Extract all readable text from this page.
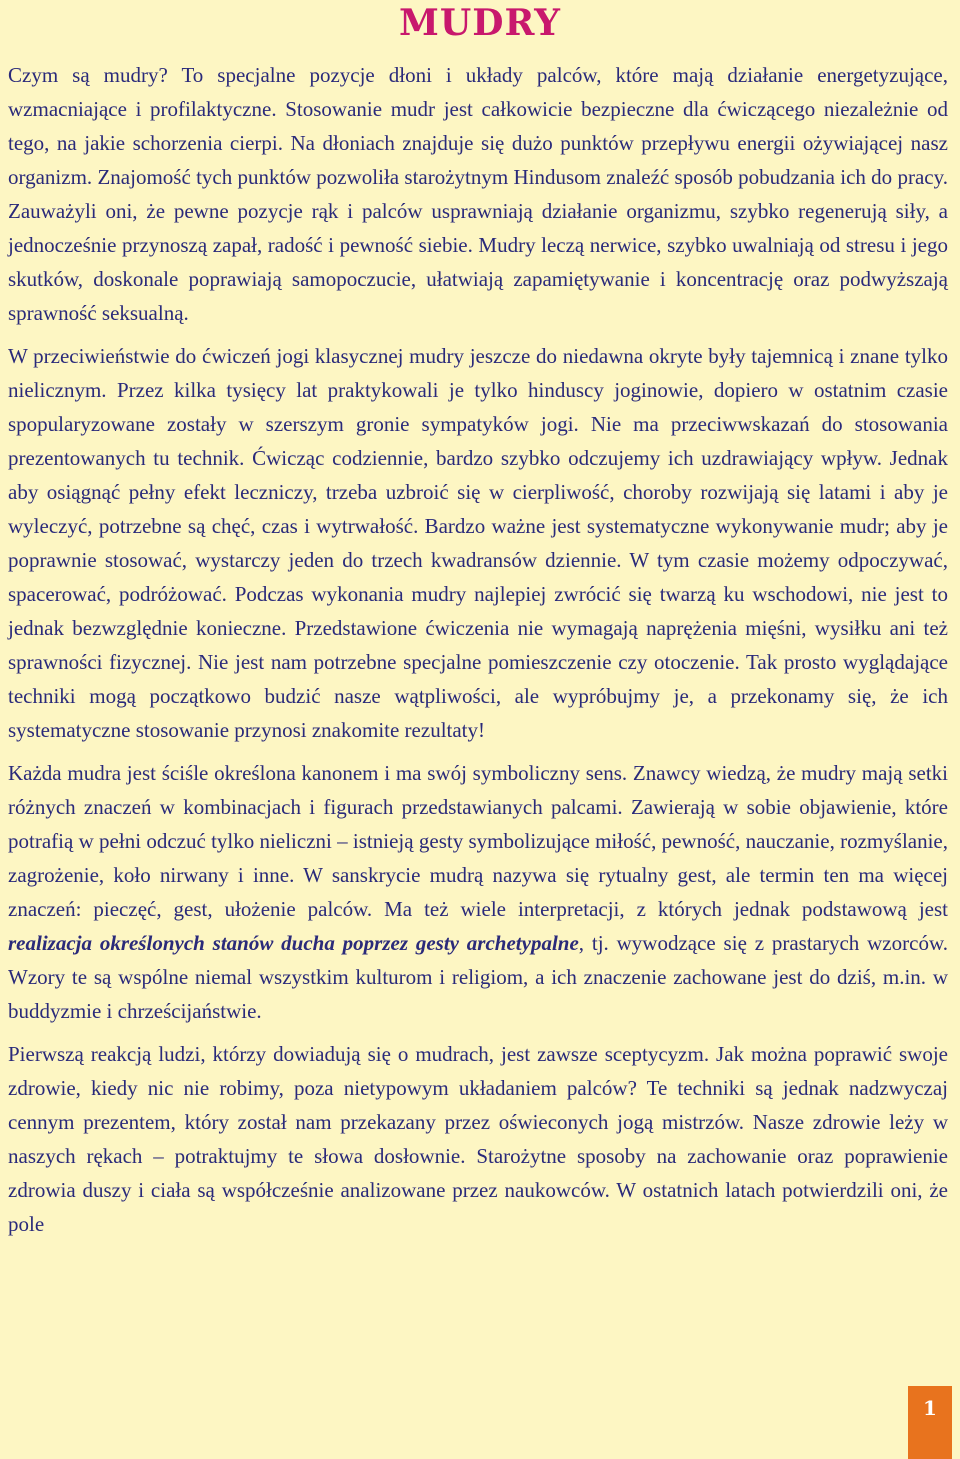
MUDRY

Czym są mudry? To specjalne pozycje dłoni i układy palców, które mają działanie energetyzujące, wzmacniające i profilaktyczne. Stosowanie mudr jest całkowicie bezpieczne dla ćwiczącego niezależnie od tego, na jakie schorzenia cierpi. Na dłoniach znajduje się dużo punktów przepływu energii ożywiającej nasz organizm. Znajomość tych punktów pozwoliła starożytnym Hindusom znaleźć sposób pobudzania ich do pracy. Zauważyli oni, że pewne pozycje rąk i palców usprawniają działanie organizmu, szybko regenerują siły, a jednocześnie przynoszą zapał, radość i pewność siebie. Mudry leczą nerwice, szybko uwalniają od stresu i jego skutków, doskonale poprawiają samopoczucie, ułatwiają zapamiętywanie i koncentrację oraz podwyższają sprawność seksualną.

W przeciwieństwie do ćwiczeń jogi klasycznej mudry jeszcze do niedawna okryte były tajemnicą i znane tylko nielicznym. Przez kilka tysięcy lat praktykowali je tylko hinduscy joginowie, dopiero w ostatnim czasie spopularyzowane zostały w szerszym gronie sympatyków jogi. Nie ma przeciwwskazań do stosowania prezentowanych tu technik. Ćwicząc codziennie, bardzo szybko odczujemy ich uzdrawiający wpływ. Jednak aby osiągnąć pełny efekt leczniczy, trzeba uzbroić się w cierpliwość, choroby rozwijają się latami i aby je wyleczyć, potrzebne są chęć, czas i wytrwałość. Bardzo ważne jest systematyczne wykonywanie mudr; aby je poprawnie stosować, wystarczy jeden do trzech kwadransów dziennie. W tym czasie możemy odpoczywać, spacerować, podróżować. Podczas wykonania mudry najlepiej zwrócić się twarzą ku wschodowi, nie jest to jednak bezwzględnie konieczne. Przedstawione ćwiczenia nie wymagają naprężenia mięśni, wysiłku ani też sprawności fizycznej. Nie jest nam potrzebne specjalne pomieszczenie czy otoczenie. Tak prosto wyglądające techniki mogą początkowo budzić nasze wątpliwości, ale wypróbujmy je, a przekonamy się, że ich systematyczne stosowanie przynosi znakomite rezultaty!

Każda mudra jest ściśle określona kanonem i ma swój symboliczny sens. Znawcy wiedzą, że mudry mają setki różnych znaczeń w kombinacjach i figurach przedstawianych palcami. Zawierają w sobie objawienie, które potrafią w pełni odczuć tylko nieliczni – istnieją gesty symbolizujące miłość, pewność, nauczanie, rozmyślanie, zagrożenie, koło nirwany i inne. W sanskrycie mudrą nazywa się rytualny gest, ale termin ten ma więcej znaczeń: pieczęć, gest, ułożenie palców. Ma też wiele interpretacji, z których jednak podstawową jest realizacja określonych stanów ducha poprzez gesty archetypalne, tj. wywodzące się z prastarych wzorców. Wzory te są wspólne niemal wszystkim kulturom i religiom, a ich znaczenie zachowane jest do dziś, m.in. w buddyzmie i chrześcijaństwie.

Pierwszą reakcją ludzi, którzy dowiadują się o mudrach, jest zawsze sceptycyzm. Jak można poprawić swoje zdrowie, kiedy nic nie robimy, poza nietypowym układaniem palców? Te techniki są jednak nadzwyczaj cennym prezentem, który został nam przekazany przez oświeconych jogą mistrzów. Nasze zdrowie leży w naszych rękach – potraktujmy te słowa dosłownie. Starożytne sposoby na zachowanie oraz poprawienie zdrowia duszy i ciała są współcześnie analizowane przez naukowców. W ostatnich latach potwierdzili oni, że pole

1
